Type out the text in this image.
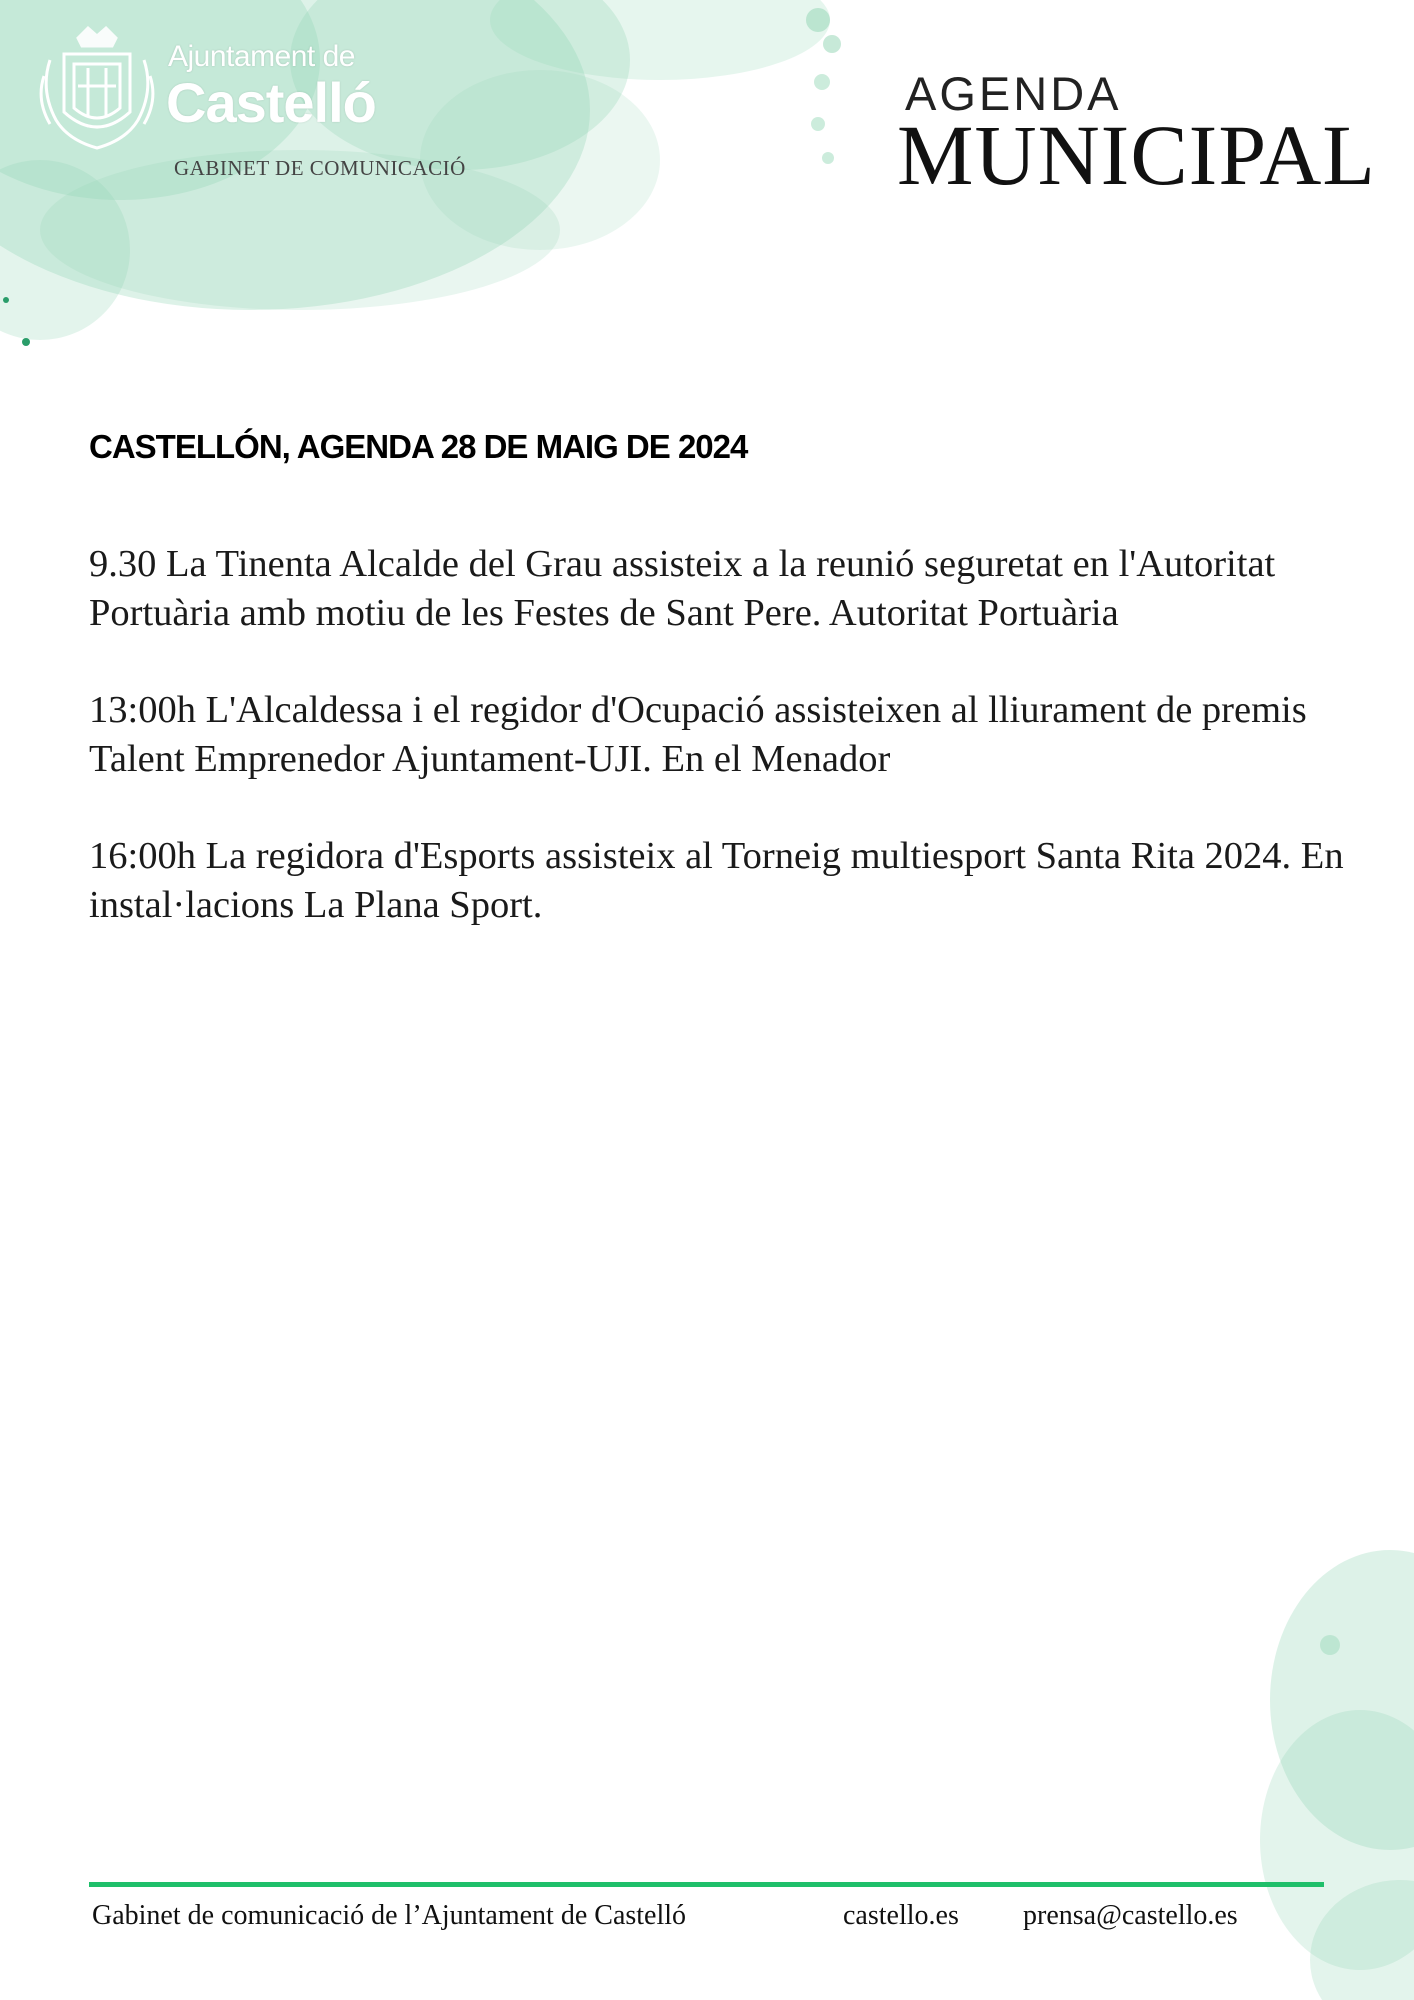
Ajuntament de
Castelló
GABINET DE COMUNICACIÓ
AGENDA
MUNICIPAL
CASTELLÓN, AGENDA 28 DE MAIG DE 2024

9.30 La Tinenta Alcalde del Grau assisteix a la reunió seguretat en l'Autoritat Portuària amb motiu de les Festes de Sant Pere. Autoritat Portuària

13:00h L'Alcaldessa i el regidor d'Ocupació assisteixen al lliurament de premis Talent Emprenedor Ajuntament-UJI. En el Menador

16:00h La regidora d'Esports assisteix al Torneig multiesport Santa Rita 2024. En instal·lacions La Plana Sport.

Gabinet de comunicació de l’Ajuntament de Castelló	castello.es prensa@castello.es
